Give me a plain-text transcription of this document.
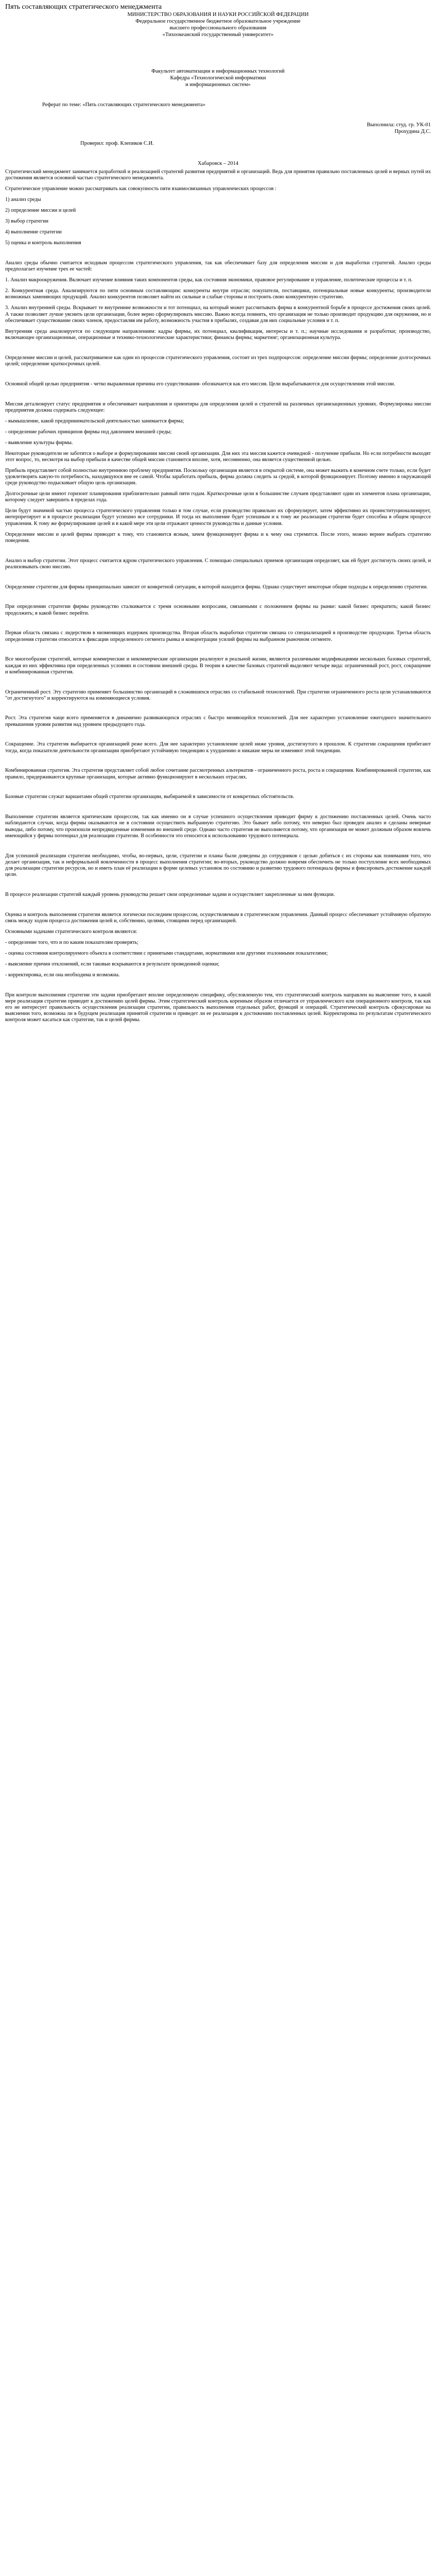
Пять составляющих стратегического менеджмента

МИНИСТЕРСТВО ОБРАЗОВАНИЯ И НАУКИ РОССИЙСКОЙ ФЕДЕРАЦИИ

Федеральное государственное бюджетное образовательное учреждение

высшего профессионального образования

«Тихоокеанский государственный университет»

Факультет автоматизации и информационных технологий

Кафедра «Технологической информатики

и информационных систем»

Реферат по теме: «Пять составляющих стратегического менеджмента»

Выполнила: студ. гр. УК-01

Прохудина Д.С.

Проверил: проф. Клепиков С.И.

Хабаровск – 2014

Стратегический менеджмент занимается разработкой и реализацией стратегий развития предприятий и организаций. Ведь для принятия правильно поставленных целей и верных путей их достижения является основной частью стратегического менеджмента.

Стратегическое управление можно рассматривать как совокупность пяти взаимосвязанных управленческих процессов :

1) анализ среды

2) определение миссии и целей

3) выбор стратегии

4) выполнение стратегии

5) оценка и контроль выполнения

Анализ среды обычно считается исходным процессом стратегического управления, так как обеспечивает базу для определения миссии и для выработки стратегий. Анализ среды предполагает изучение трех ее частей:

1. Анализ макроокружения. Включает изучение влияния таких компонентов среды, как состояния экономики, правовое регулирование и управление, политические процессы и т. п.

2. Конкурентная среда. Анализируются по пяти основным составляющим: конкуренты внутри отрасли; покупатели, поставщики, потенциальные новые конкуренты; производители возможных заменяющих продукций. Анализ конкурентов позволяет найти их сильные и слабые стороны и построить свою конкурентную стратегию.

3. Анализ внутренней среды. Вскрывает те внутренние возможности и тот потенциал, на который может рассчитывать фирма в конкурентной борьбе в процессе достижения своих целей. А также позволяет лучше уяснить цели организации, более верно сформулировать миссию. Важно всегда помнить, что организация не только производит продукцию для окружения, но и обеспечивает существование своих членов, предоставляя им работу, возможность участия в прибылях, создавая для них социальные условия и т. п.

Внутренняя среда анализируется по следующим направлениям: кадры фирмы, их потенциал, квалификация, интересы и т. п.; научные исследования и разработки; производство, включающее организационные, операционные и технико-технологические характеристики; финансы фирмы; маркетинг; организационная культура.

Определение миссии и целей, рассматриваемое как один из процессов стратегического управления, состоит из трех подпроцессов: определение миссии фирмы; определение долгосрочных целей; определение краткосрочных целей.

Основной общей целью предприятия - четко выраженная причина его существования- обозначается как его миссия. Цели вырабатываются для осуществления этой миссии.

Миссия детализирует статус предприятия и обеспечивает направления и ориентиры для определения целей и стратегий на различных организационных уровнях. Формулировка миссии предприятия должна содержать следующее:

- вымышление, какой предпринимательской деятельностью занимается фирма;

- определение рабочих принципов фирмы под давлением внешней среды;

- выявление культуры фирмы.

Некоторые руководители не заботятся о выборе и формулировании миссии своей организации. Для них эта миссия кажется очевидной - получение прибыли. Но если потребности выходят этот вопрос, то, несмотря на выбор прибыли в качестве общей миссии становится вполне, хотя, несомненно, она является существенной целью.

Прибыль представляет собой полностью внутреннюю проблему предприятия. Поскольку организация является в открытой системе, она может выжить в конечном счете только, если будет удовлетворять какую-то потребность, находящуюся вне ее самой. Чтобы заработать прибыль, фирма должна следить за средой, в которой функционирует. Поэтому именно в окружающей среде руководство подыскивает общую цель организации.

Долгосрочные цели имеют горизонт планирования приблизительно равный пяти годам. Краткосрочные цели в большинстве случаев представляют один из элементов плана организации, которому следует завершить в пределах года.

Цели будут значимой частью процесса стратегического управления только в том случае, если руководство правильно их сформулирует, затем эффективно их проинституционализирует, интерпретирует и в процессе реализации будут успешно все сотрудники. И тогда их выполнение будет успешным и к тому же реализация стратегии будет способна в общем процессе управления. К тому же формулирование целей и в какой мере эти цели отражают ценности руководства и данные условия.

Определение миссии и целей фирмы приводит к тому, что становится ясным, зачем функционирует фирма и к чему она стремится. После этого, можно вернее выбрать стратегию поведения.

Анализ и выбор стратегии. Этот процесс считается ядром стратегического управления. С помощью специальных приемов организация определяет, как ей будет достигнуть своих целей, и реализовывать свою миссию.

Определение стратегии для фирмы принципиально зависит от конкретной ситуации, в которой находится фирма. Однако существует некоторые общие подходы к определению стратегии.

При определении стратегии фирмы руководство сталкивается с тремя основными вопросами, связанными с положением фирмы на рынке: какой бизнес прекратить; какой бизнес продолжить; в какой бизнес перейти.

Первая область связана с лидерством в низменящих издержек производства. Вторая область выработки стратегии связана со специализацией в производстве продукции. Третья область определения стратегии относится к фиксации определенного сегмента рынка и концентрации усилий фирмы на выбранном рыночном сегменте.

Все многообразие стратегий, которые коммерческие и некоммерческие организации реализуют в реальной жизни, являются различными модификациями нескольких базовых стратегий, каждая из них эффективна при определенных условиях и состоянии внешней среды. В теории в качестве базовых стратегий выделяют четыре вида: ограниченный рост, рост, сокращение и комбинированная стратегия.

Ограниченный рост. Эту стратегию применяет большинство организаций в сложившихся отраслях со стабильной технологией. При стратегии ограниченного роста цели устанавливаются "от достигнутого" и корректируются на изменяющиеся условия.

Рост. Эта стратегия чаще всего применяется в динамично развивающихся отраслях с быстро меняющейся технологией. Для нее характерно установление ежегодного значительного превышения уровня развития над уровнем предыдущего года.

Сокращение. Эта стратегия выбирается организацией реже всего. Для нее характерно установление целей ниже уровня, достигнутого в прошлом. К стратегии сокращения прибегают тогда, когда показатели деятельности организации приобретают устойчивую тенденцию к ухудшению и никакие меры не изменяют этой тенденции.

Комбинированная стратегия. Эта стратегия представляет собой любое сочетание рассмотренных альтернатив - ограниченного роста, роста и сокращения. Комбинированной стратегии, как правило, придерживаются крупные организации, которые активно функционируют в нескольких отраслях.

Базовые стратегии служат вариантами общей стратегии организации, выбираемой в зависимости от конкретных обстоятельств.

Выполнение стратегии является критическим процессом, так как именно он в случае успешного осуществления приводит фирму к достижению поставленных целей. Очень часто наблюдаются случаи, когда фирмы оказываются не в состоянии осуществить выбранную стратегию. Это бывает либо потому, что неверно был проведен анализ и сделаны неверные выводы, либо потому, что произошли непредвиденные изменения во внешней среде. Однако часто стратегия не выполняется потому, что организация не может должным образом вовлечь имеющийся у фирмы потенциал для реализации стратегии. В особенности это относится к использованию трудового потенциала.

Для успешной реализации стратегии необходимо, чтобы, во-первых, цели, стратегии и планы были доведены до сотрудников с целью добиться с их стороны как понимания того, что делает организация, так и неформальной вовлеченности в процесс выполнения стратегии; во-вторых, руководство должно вовремя обеспечить не только поступление всех необходимых для реализации стратегии ресурсов, но и иметь план её реализации в форме целевых установок по состоянию и развитию трудового потенциала фирмы и фиксировать достижение каждой цели.

В процессе реализации стратегий каждый уровень руководства решает свои определенные задачи и осуществляет закрепленные за ним функции.

Оценка и контроль выполнения стратегии является логически последним процессом, осуществляемым в стратегическом управлении. Данный процесс обеспечивает устойчивую обратную связь между ходом процесса достижения целей и, собственно, целями, стоящими перед организацией.

Основными задачами стратегического контроля являются:

- определение того, что и по каким показателям проверять;

- оценка состояния контролируемого объекта в соответствии с принятыми стандартами, нормативами или другими эталонными показателями;

- выяснение причин отклонений, если таковые вскрываются в результате проведенной оценки;

- корректировка, если она необходима и возможна.

При контроле выполнения стратегии эти задачи приобретают вполне определенную специфику, обусловленную тем, что стратегический контроль направлен на выяснение того, в какой мере реализация стратегии приводит к достижению целей фирмы. Этим стратегический контроль коренным образом отличается от управленческого или операционного контроля, так как его не интересует правильность осуществления реализации стратегии, правильность выполнения отдельных работ, функций и операций. Стратегический контроль сфокусирован на выяснении того, возможна ли в будущем реализация принятой стратегии и приведет ли ее реализация к достижению поставленных целей. Корректировка по результатам стратегического контроля может касаться как стратегии, так и целей фирмы.
